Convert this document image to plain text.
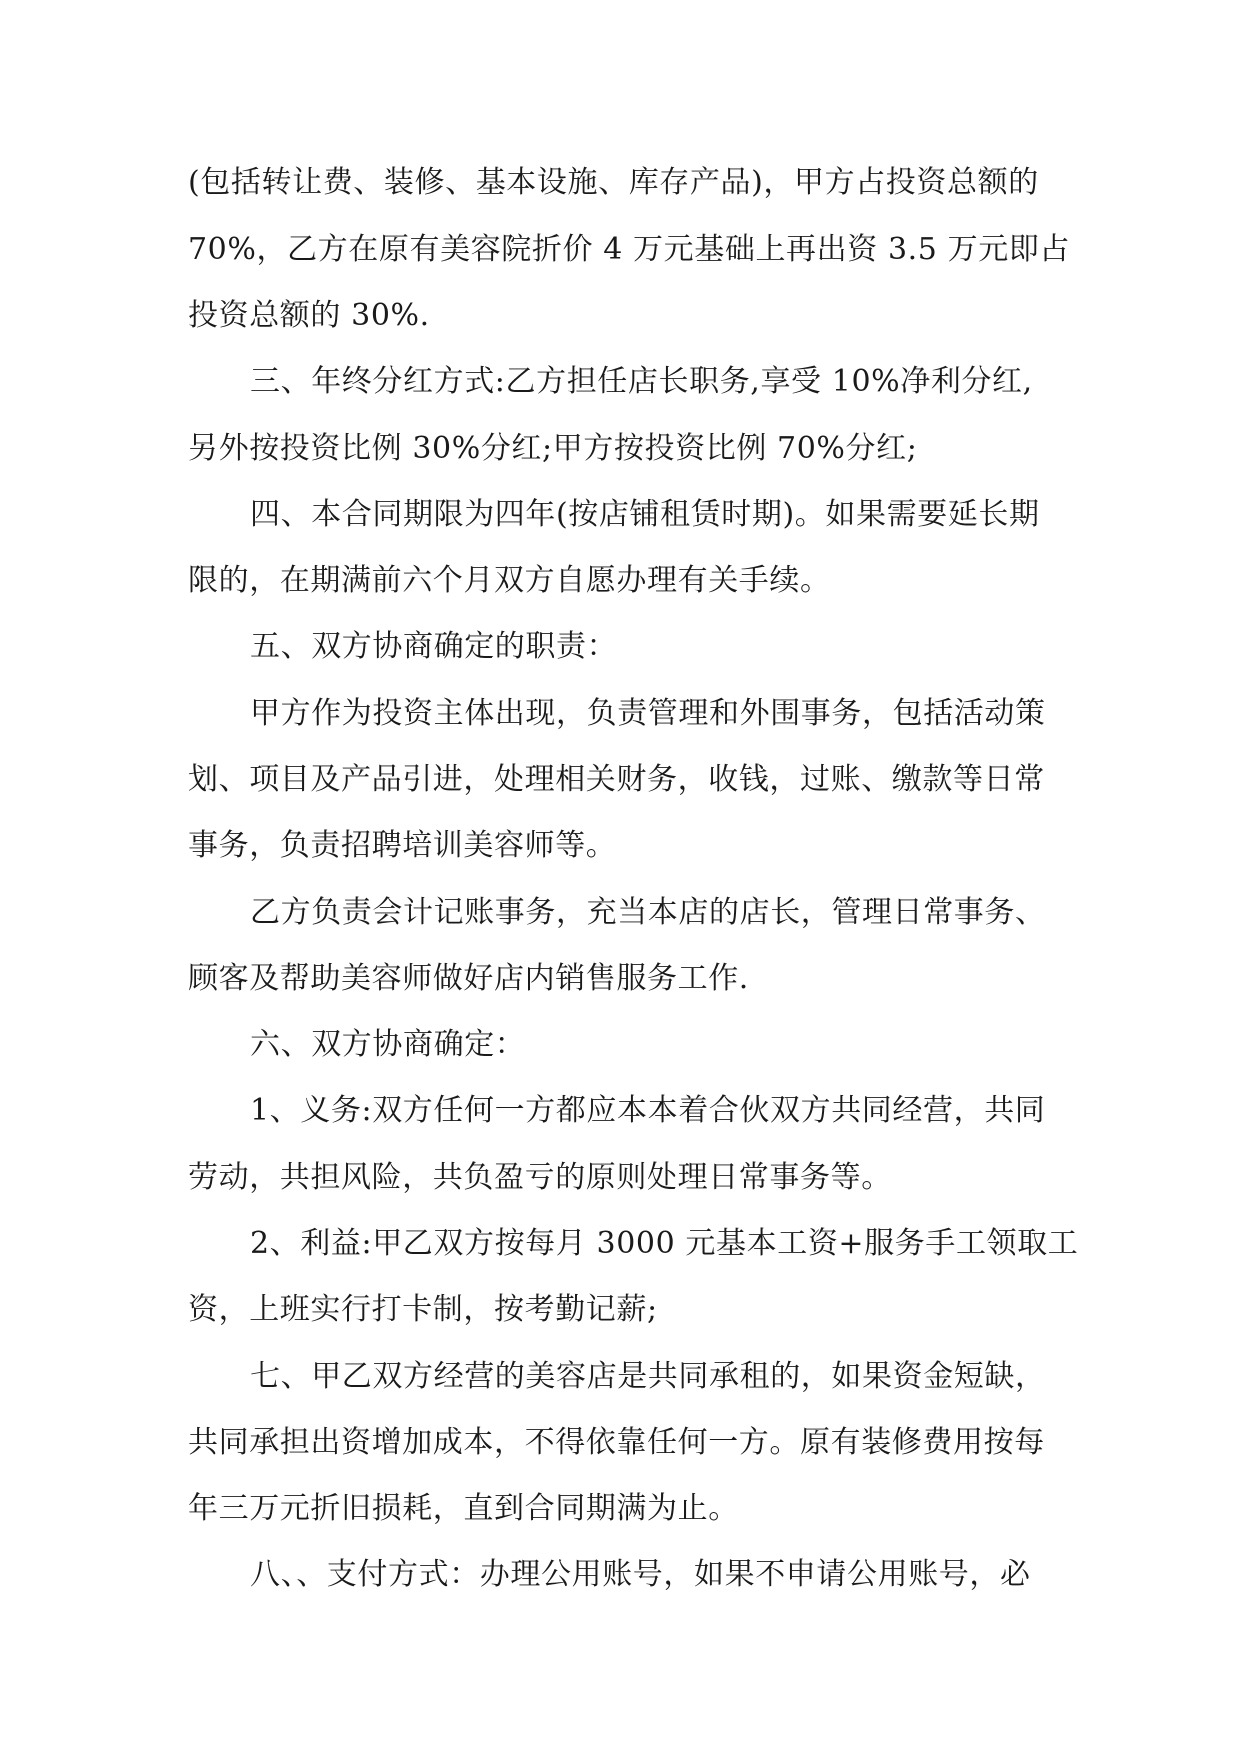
(包括转让费、装修、基本设施、库存产品)，甲方占投资总额的
70%，乙方在原有美容院折价 4 万元基础上再出资 3.5 万元即占
投资总额的 30%.
三、年终分红方式:乙方担任店长职务,享受 10%净利分红,
另外按投资比例 30%分红;甲方按投资比例 70%分红;
四、本合同期限为四年(按店铺租赁时期)。如果需要延长期
限的，在期满前六个月双方自愿办理有关手续。
五、双方协商确定的职责：
甲方作为投资主体出现，负责管理和外围事务，包括活动策
划、项目及产品引进，处理相关财务，收钱，过账、缴款等日常
事务，负责招聘培训美容师等。
乙方负责会计记账事务，充当本店的店长，管理日常事务、
顾客及帮助美容师做好店内销售服务工作.
六、双方协商确定：
1、义务:双方任何一方都应本本着合伙双方共同经营，共同
劳动，共担风险，共负盈亏的原则处理日常事务等。
2、利益:甲乙双方按每月 3000 元基本工资+服务手工领取工
资，上班实行打卡制，按考勤记薪;
七、甲乙双方经营的美容店是共同承租的，如果资金短缺，
共同承担出资增加成本，不得依靠任何一方。原有装修费用按每
年三万元折旧损耗，直到合同期满为止。
八、、支付方式：办理公用账号，如果不申请公用账号，必
